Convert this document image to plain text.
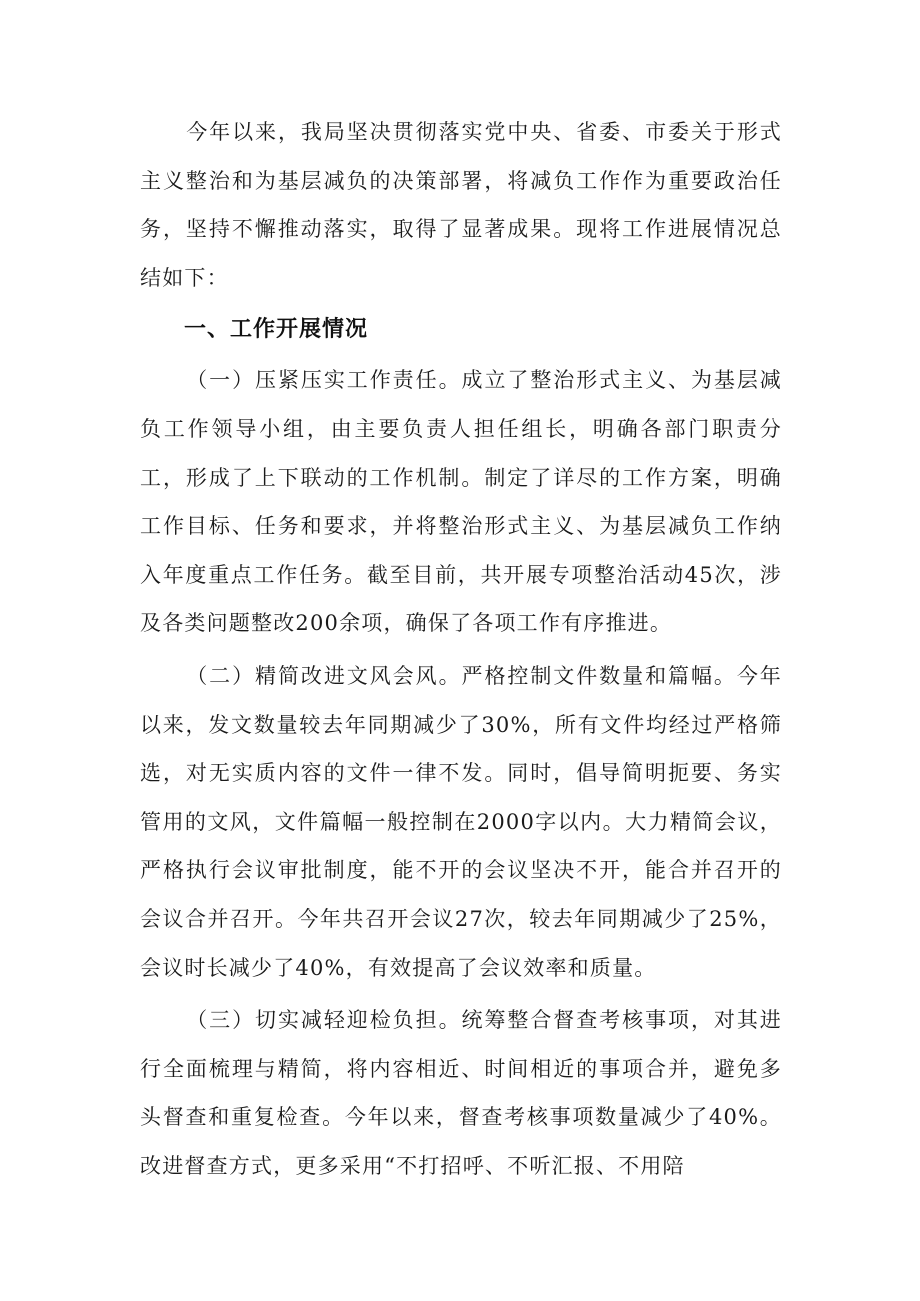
今年以来，我局坚决贯彻落实党中央、省委、市委关于形式主义整治和为基层减负的决策部署，将减负工作作为重要政治任务，坚持不懈推动落实，取得了显著成果。现将工作进展情况总结如下：

一、工作开展情况

（一）压紧压实工作责任。成立了整治形式主义、为基层减负工作领导小组，由主要负责人担任组长，明确各部门职责分工，形成了上下联动的工作机制。制定了详尽的工作方案，明确工作目标、任务和要求，并将整治形式主义、为基层减负工作纳入年度重点工作任务。截至目前，共开展专项整治活动45次，涉及各类问题整改200余项，确保了各项工作有序推进。

（二）精简改进文风会风。严格控制文件数量和篇幅。今年以来，发文数量较去年同期减少了30%，所有文件均经过严格筛选，对无实质内容的文件一律不发。同时，倡导简明扼要、务实管用的文风，文件篇幅一般控制在2000字以内。大力精简会议，严格执行会议审批制度，能不开的会议坚决不开，能合并召开的会议合并召开。今年共召开会议27次，较去年同期减少了25%，会议时长减少了40%，有效提高了会议效率和质量。

（三）切实减轻迎检负担。统筹整合督查考核事项，对其进行全面梳理与精简，将内容相近、时间相近的事项合并，避免多头督查和重复检查。今年以来，督查考核事项数量减少了40%。改进督查方式，更多采用“不打招呼、不听汇报、不用陪
